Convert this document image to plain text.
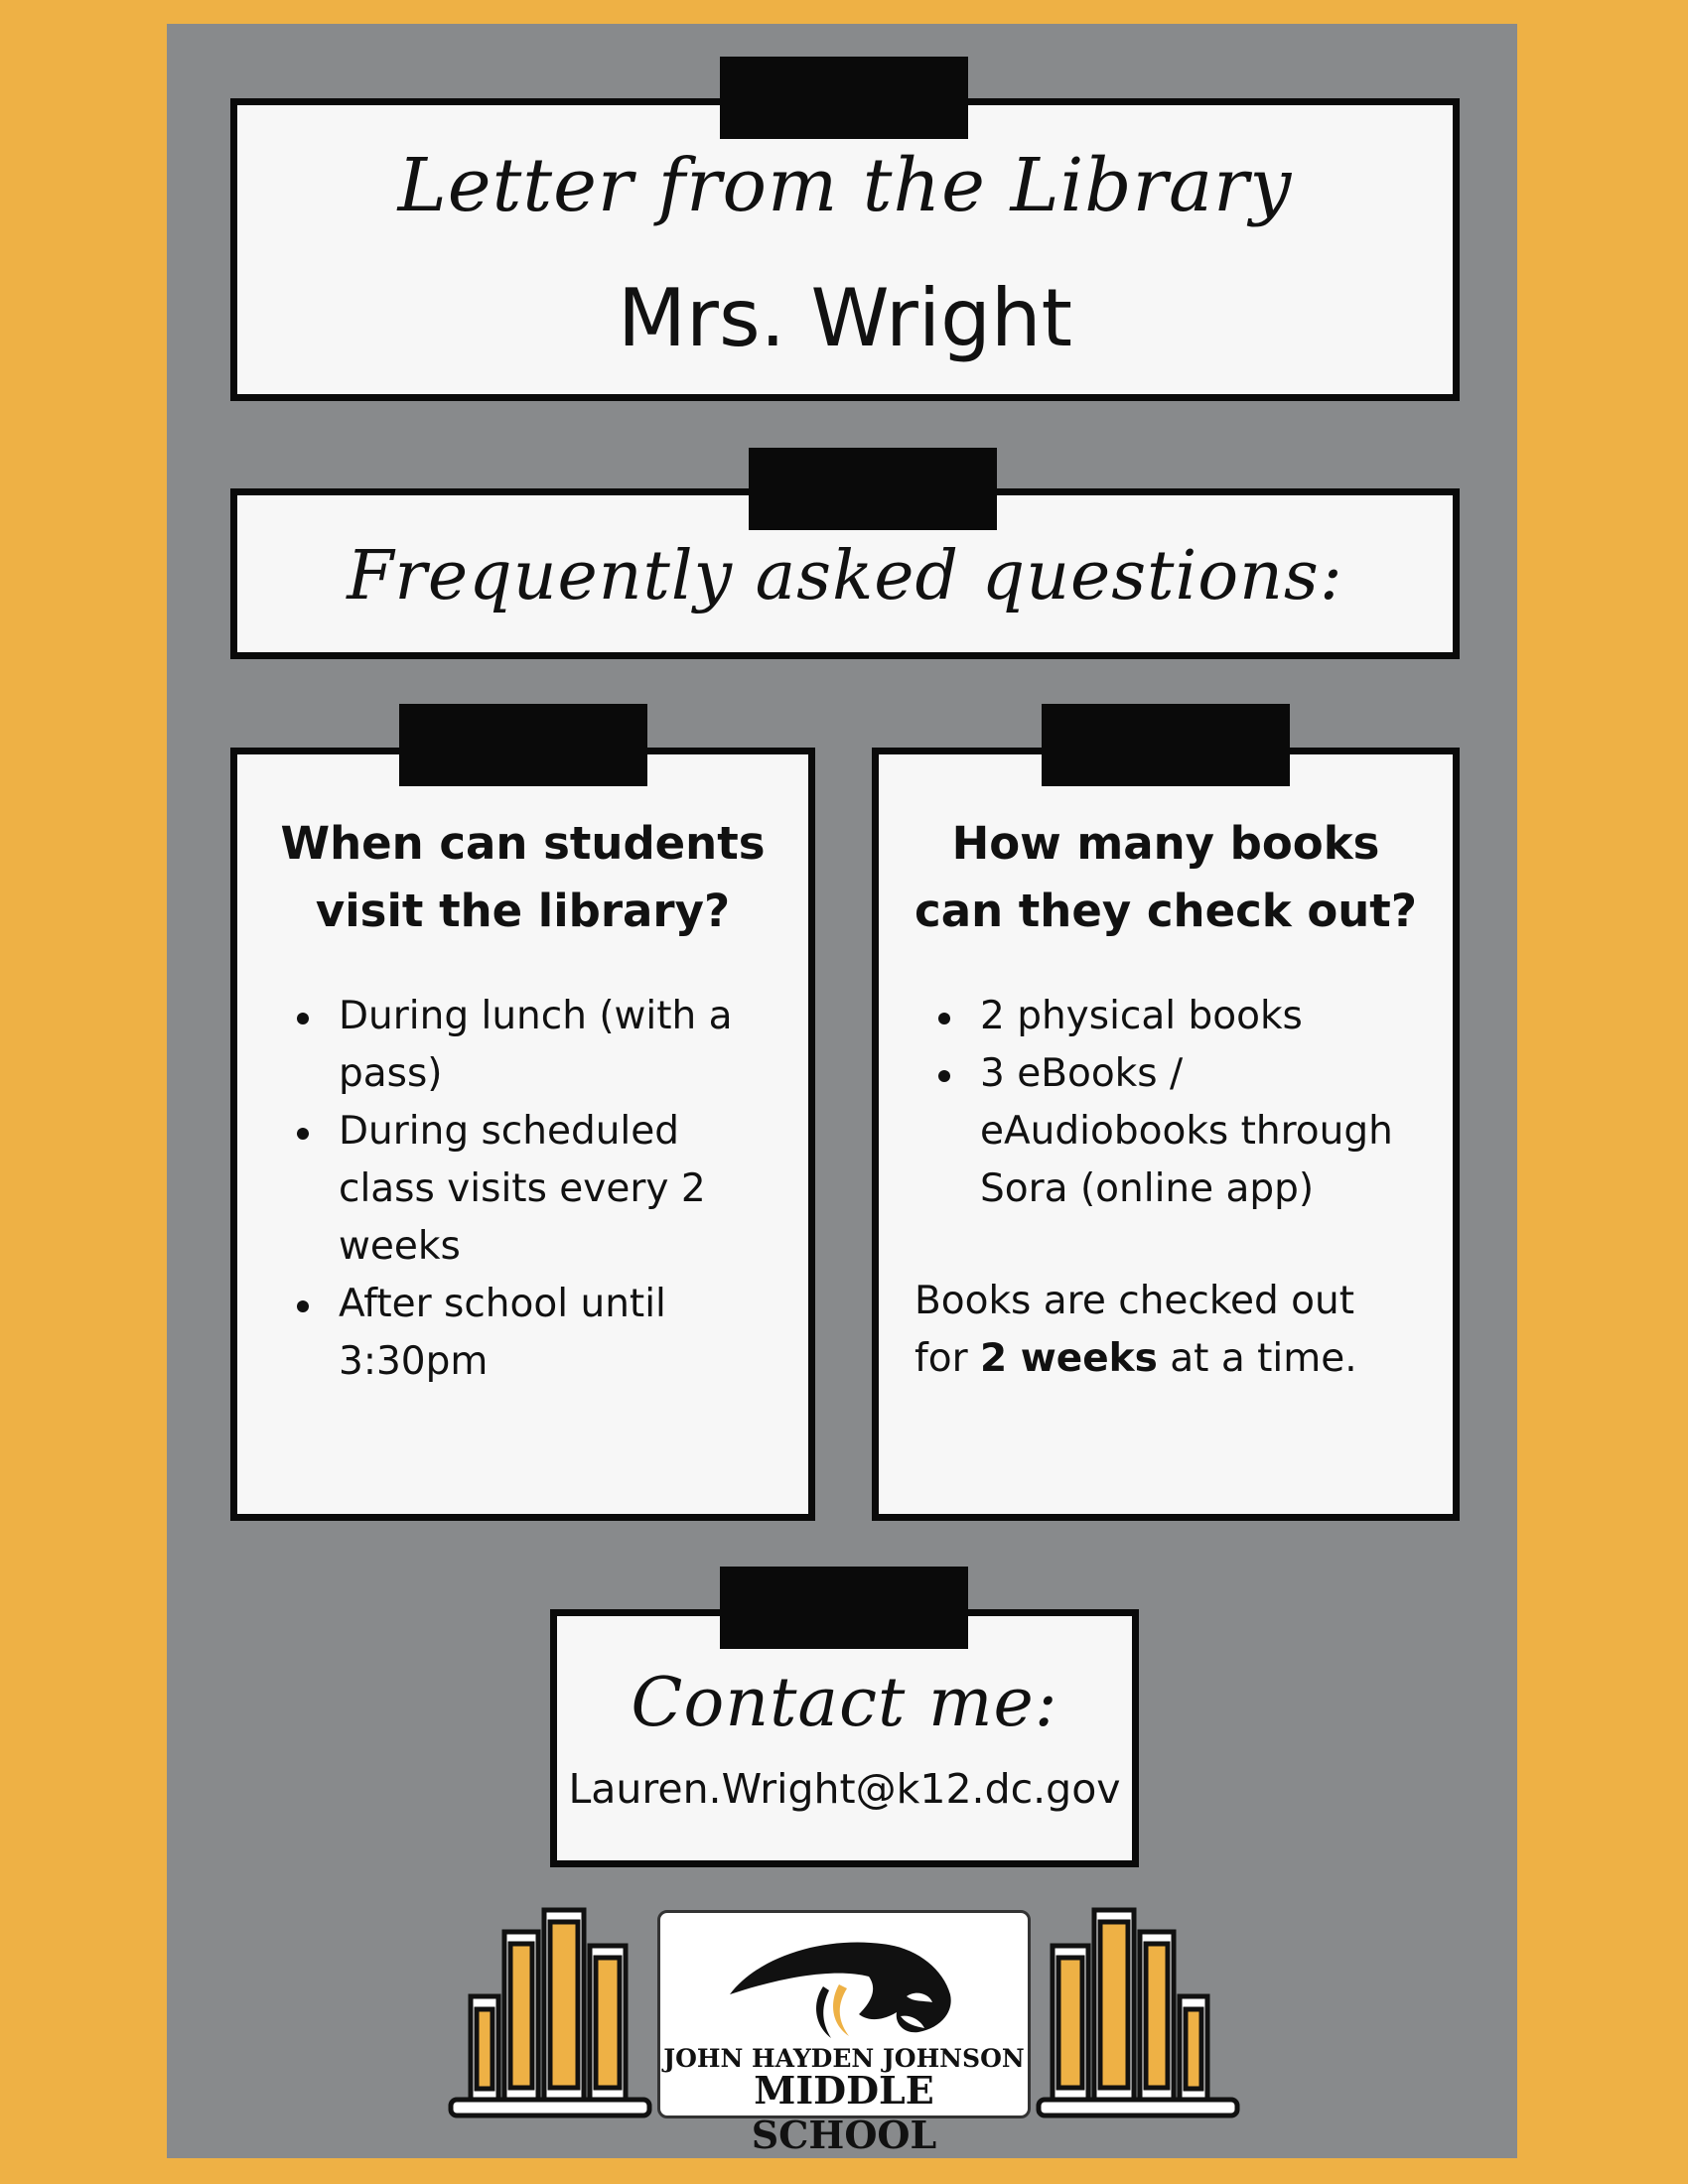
Letter from the Library
Mrs. Wright
Frequently asked questions:
When can students
visit the library?
During lunch (with a pass)
During scheduled class visits every 2 weeks
After school until 3:30pm
How many books
can they check out?
2 physical books
3 eBooks / eAudiobooks through Sora (online app)
Books are checked out for 2 weeks at a time.
Contact me:
Lauren.Wright@k12.dc.gov
JOHN HAYDEN JOHNSON
MIDDLE SCHOOL
